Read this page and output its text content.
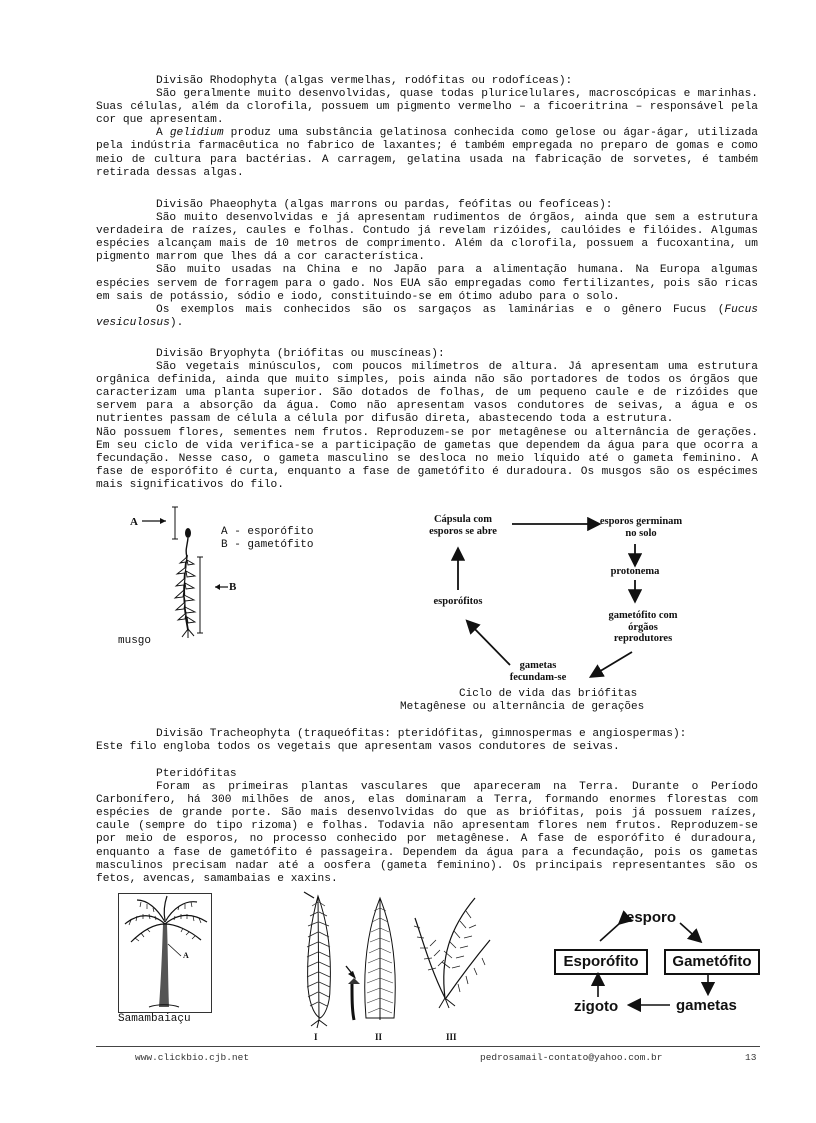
Divisão Rhodophyta (algas vermelhas, rodófitas ou rodofíceas):

São geralmente muito desenvolvidas, quase todas pluricelulares, macroscópicas e marinhas. Suas células, além da clorofila, possuem um pigmento vermelho – a ficoeritrina – responsável pela cor que apresentam.

A gelidium produz uma substância gelatinosa conhecida como gelose ou ágar-ágar, utilizada pela indústria farmacêutica no fabrico de laxantes; é também empregada no preparo de gomas e como meio de cultura para bactérias. A carragem, gelatina usada na fabricação de sorvetes, é também retirada dessas algas.

Divisão Phaeophyta (algas marrons ou pardas, feófitas ou feofíceas):

São muito desenvolvidas e já apresentam rudimentos de órgãos, ainda que sem a estrutura verdadeira de raízes, caules e folhas. Contudo já revelam rizóides, caulóides e filóides. Algumas espécies alcançam mais de 10 metros de comprimento. Além da clorofila, possuem a fucoxantina, um pigmento marrom que lhes dá a cor característica.

São muito usadas na China e no Japão para a alimentação humana. Na Europa algumas espécies servem de forragem para o gado. Nos EUA são empregadas como fertilizantes, pois são ricas em sais de potássio, sódio e iodo, constituindo-se em ótimo adubo para o solo.

Os exemplos mais conhecidos são os sargaços as laminárias e o gênero Fucus (Fucus vesiculosus).

Divisão Bryophyta (briófitas ou muscíneas):

São vegetais minúsculos, com poucos milímetros de altura. Já apresentam uma estrutura orgânica definida, ainda que muito simples, pois ainda não são portadores de todos os órgãos que caracterizam uma planta superior. São dotados de folhas, de um pequeno caule e de rizóides que servem para a absorção da água. Como não apresentam vasos condutores de seivas, a água e os nutrientes passam de célula a célula por difusão direta, abastecendo toda a estrutura.

Não possuem flores, sementes nem frutos. Reproduzem-se por metagênese ou alternância de gerações. Em seu ciclo de vida verifica-se a participação de gametas que dependem da água para que ocorra a fecundação. Nesse caso, o gameta masculino se desloca no meio líquido até o gameta feminino. A fase de esporófito é curta, enquanto a fase de gametófito é duradoura. Os musgos são os espécimes mais significativos do filo.

A
B
A - esporófito
B - gametófito
musgo
Cápsula com esporos se abre
esporos germinam no solo
protonema
gametófito com órgãos reprodutores
gametas fecundam-se
esporófitos
Ciclo de vida das briófitas
Metagênese ou alternância de gerações

Divisão Tracheophyta (traqueófitas: pteridófitas, gimnospermas e angiospermas):

Este filo engloba todos os vegetais que apresentam vasos condutores de seivas.

Pteridófitas

Foram as primeiras plantas vasculares que apareceram na Terra. Durante o Período Carbonífero, há 300 milhões de anos, elas dominaram a Terra, formando enormes florestas com espécies de grande porte. São mais desenvolvidas do que as briófitas, pois já possuem raízes, caule (sempre do tipo rizoma) e folhas. Todavia não apresentam flores nem frutos. Reproduzem-se por meio de esporos, no processo conhecido por metagênese. A fase de esporófito é duradoura, enquanto a fase de gametófito é passageira. Dependem da água para a fecundação, pois os gametas masculinos precisam nadar até a oosfera (gameta feminino). Os principais representantes são os fetos, avencas, samambaias e xaxins.

A
Samambaiaçu
I	II	III
esporo
Esporófito	Gametófito
gametas
zigoto
www.clickbio.cjb.net	pedrosamail-contato@yahoo.com.br	13
